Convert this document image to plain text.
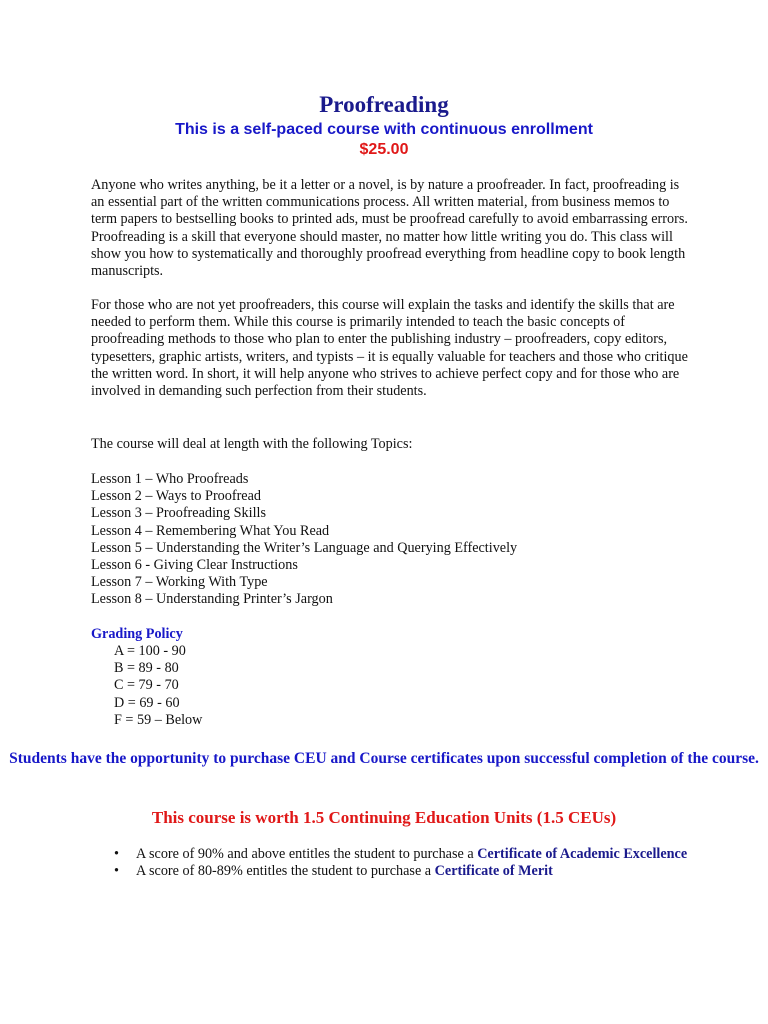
Proofreading
This is a self-paced course with continuous enrollment
$25.00

Anyone who writes anything, be it a letter or a novel, is by nature a proofreader. In fact, proofreading is an essential part of the written communications process. All written material, from business memos to term papers to bestselling books to printed ads, must be proofread carefully to avoid embarrassing errors. Proofreading is a skill that everyone should master, no matter how little writing you do. This class will show you how to systematically and thoroughly proofread everything from headline copy to book length manuscripts.

For those who are not yet proofreaders, this course will explain the tasks and identify the skills that are needed to perform them. While this course is primarily intended to teach the basic concepts of proofreading methods to those who plan to enter the publishing industry – proofreaders, copy editors, typesetters, graphic artists, writers, and typists – it is equally valuable for teachers and those who critique the written word. In short, it will help anyone who strives to achieve perfect copy and for those who are involved in demanding such perfection from their students.

The course will deal at length with the following Topics:

Lesson 1 – Who Proofreads
Lesson 2 – Ways to Proofread
Lesson 3 – Proofreading Skills
Lesson 4 – Remembering What You Read
Lesson 5 – Understanding the Writer’s Language and Querying Effectively
Lesson 6 - Giving Clear Instructions
Lesson 7 – Working With Type
Lesson 8 – Understanding Printer’s Jargon
Grading Policy
A = 100 - 90
B = 89 - 80
C = 79 - 70
D = 69 - 60
F = 59 – Below
Students have the opportunity to purchase CEU and Course certificates upon successful completion of the course.
This course is worth 1.5 Continuing Education Units (1.5 CEUs)
• A score of 90% and above entitles the student to purchase a Certificate of Academic Excellence
• A score of 80-89% entitles the student to purchase a Certificate of Merit
